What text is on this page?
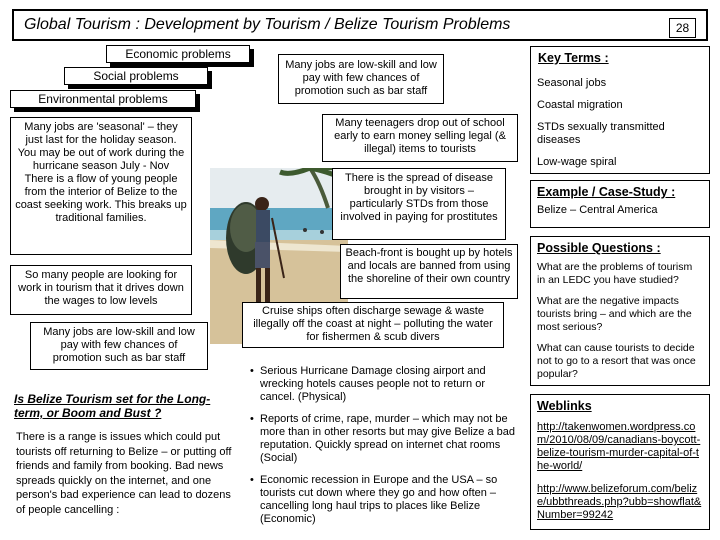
Global Tourism : Development by Tourism / Belize Tourism Problems	28
Economic problems
Social problems
Environmental problems
Many jobs are 'seasonal' – they just last for the holiday season. You may be out of work during the hurricane season July - Nov
There is a flow of young people from the interior of Belize to the coast seeking work. This breaks up traditional families.
So many people are looking for work in tourism that it drives down the wages to low levels
Many jobs are low-skill and low pay with few chances of promotion such as bar staff
Is Belize Tourism set for the Long-term, or Boom and Bust ?
There is a range is issues which could put tourists off returning to Belize – or putting off friends and family from booking. Bad news spreads quickly on the internet, and one person's bad experience can lead to dozens of people cancelling :
Many jobs are low-skill and low pay with few chances of promotion such as bar staff
Many teenagers drop out of school early to earn money selling legal (& illegal) items to tourists
There is the spread of disease brought in by visitors – particularly STDs from those involved in paying for prostitutes
Beach-front is bought up by hotels and locals are banned from using the shoreline of their own country
Cruise ships often discharge sewage & waste illegally off the coast at night – polluting the water for fishermen & scub divers
• Serious Hurricane Damage closing airport and wrecking hotels causes people not to return or cancel. (Physical)
• Reports of crime, rape, murder – which may not be more than in other resorts but may give Belize a bad reputation. Quickly spread on internet chat rooms (Social)
• Economic recession in Europe and the USA – so tourists cut down where they go and how often – cancelling long haul trips to places like Belize (Economic)
Key Terms :
Seasonal jobs
Coastal migration
STDs sexually transmitted diseases
Low-wage spiral
Example / Case-Study :
Belize – Central America
Possible Questions :
What are the problems of tourism in an LEDC you have studied?
What are the negative impacts tourists bring – and which are the most serious?
What can cause tourists to decide not to go to a resort that was once popular?
Weblinks
http://takenwomen.wordpress.com/2010/08/09/canadians-boycott-belize-tourism-murder-capital-of-the-world/
http://www.belizeforum.com/belize/ubbthreads.php?ubb=showflat&Number=99242
